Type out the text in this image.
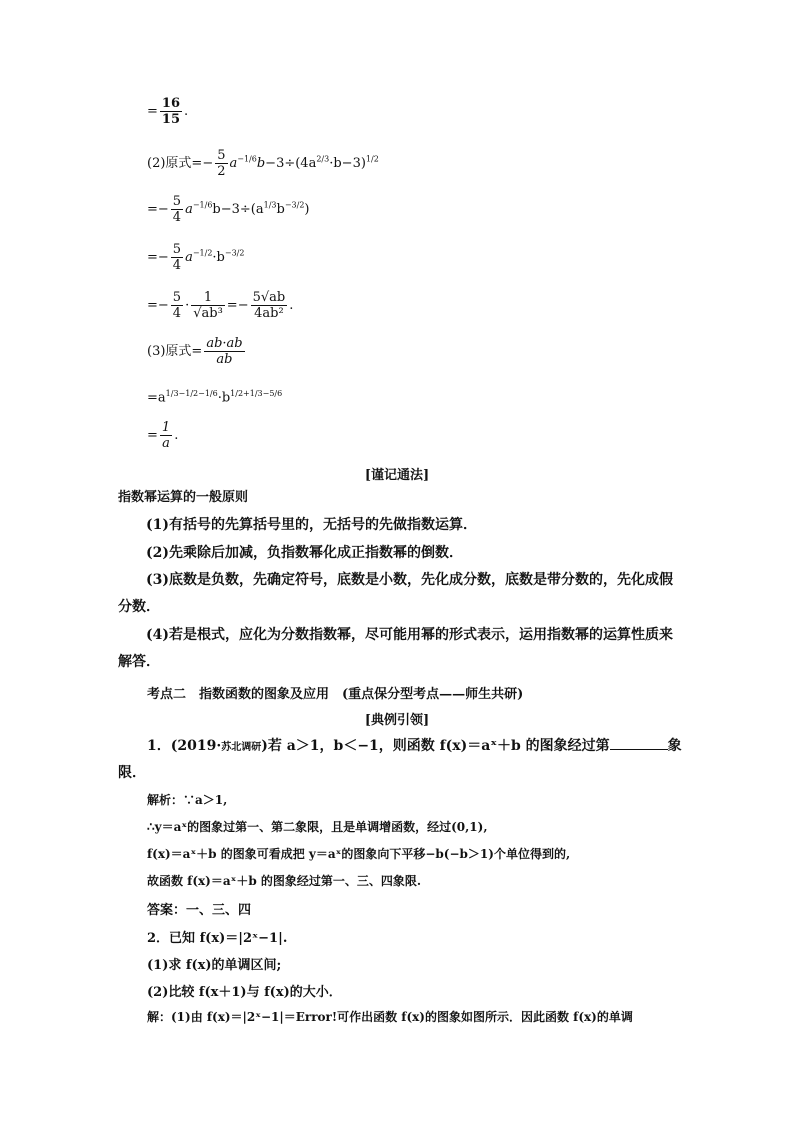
= $\frac{16}{15}$ .
(2)原式=− $\frac{5}{2} a^{-1/6}b-3\div(4a^{2/3}\cdot b-3)^{1/2}$
=− $\frac{5}{4} a^{-1/6}b-3\div(a^{1/3}b^{-3/2})$
=− $\frac{5}{4} a^{-1/2}\cdot b^{-3/2}$
=− $\frac{5}{4} \cdot \frac{1}{\text{√ab³}} =- \frac{5√ab}{\text{4ab²}}$ .
(3)原式= $\frac{ab\cdot ab}{ab}$
$=a^{1/3-1/2-1/6}\cdot b^{1/2+1/3-5/6}$
= $\frac{1}{a}$ .
[谨记通法]
指数幂运算的一般原则
(1)有括号的先算括号里的，无括号的先做指数运算．
(2)先乘除后加减，负指数幂化成正指数幂的倒数．
(3)底数是负数，先确定符号，底数是小数，先化成分数，底数是带分数的，先化成假分数．
(4)若是根式，应化为分数指数幂，尽可能用幂的形式表示，运用指数幂的运算性质来解答．
考点二　指数函数的图象及应用　(重点保分型考点——师生共研)
[典例引领]
1．(2019·苏北调研)若 a＞1，b＜−1，则函数 f(x)＝aˣ＋b 的图象经过第	象
限．
解析：∵a＞1,
∴y＝aˣ的图象过第一、第二象限，且是单调增函数，经过(0,1),
f(x)＝aˣ＋b 的图象可看成把 y＝aˣ的图象向下平移−b(−b＞1)个单位得到的,
故函数 f(x)＝aˣ＋b 的图象经过第一、三、四象限.
答案：一、三、四
2．已知 f(x)＝|2ˣ−1|.
(1)求 f(x)的单调区间;
(2)比较 f(x＋1)与 f(x)的大小．
解：(1)由 f(x)＝|2ˣ−1|＝Error!可作出函数 f(x)的图象如图所示．因此函数 f(x)的单调
